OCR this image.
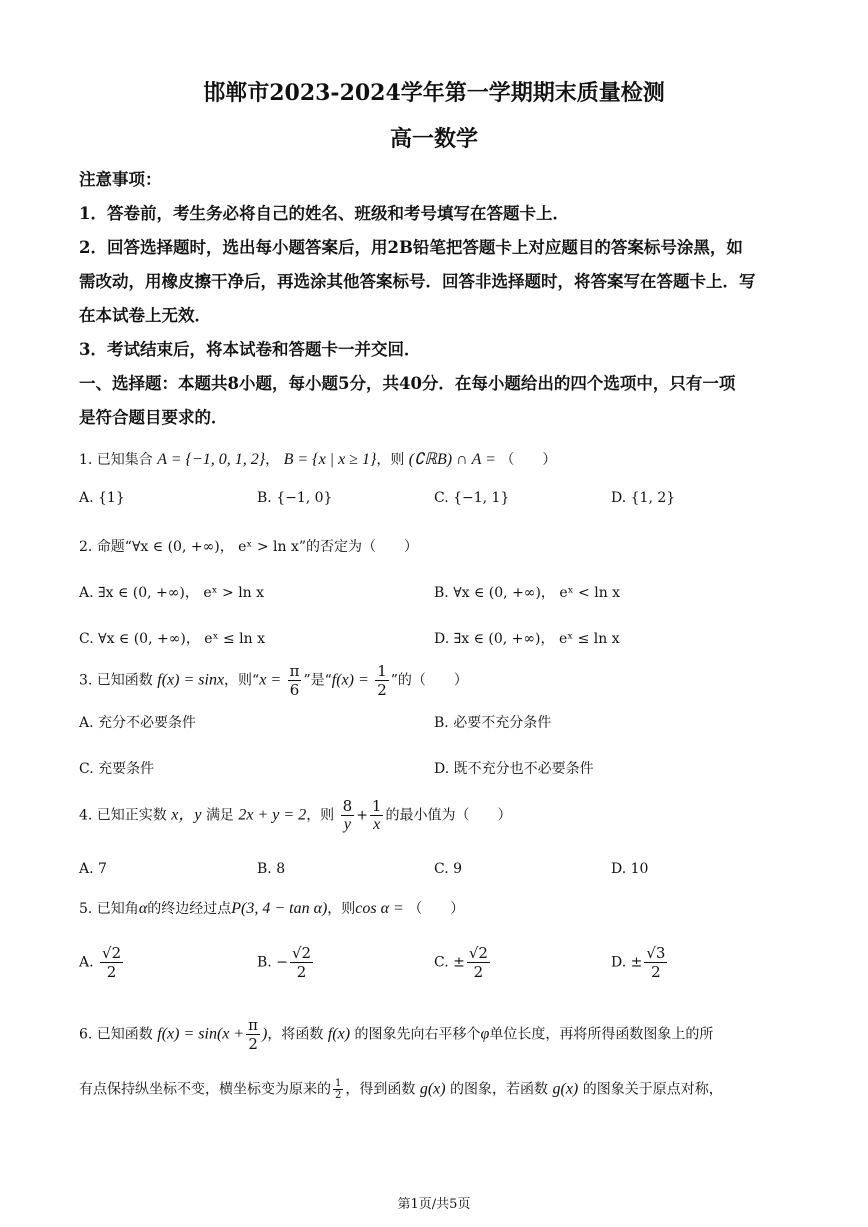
邯郸市2023-2024学年第一学期期末质量检测
高一数学
注意事项：
1．答卷前，考生务必将自己的姓名、班级和考号填写在答题卡上．
2．回答选择题时，选出每小题答案后，用2B铅笔把答题卡上对应题目的答案标号涂黑，如
需改动，用橡皮擦干净后，再选涂其他答案标号．回答非选择题时，将答案写在答题卡上．写
在本试卷上无效．
3．考试结束后，将本试卷和答题卡一并交回．
一、选择题：本题共8小题，每小题5分，共40分．在每小题给出的四个选项中，只有一项
是符合题目要求的．
1. 已知集合 A = {−1, 0, 1, 2}， B = {x | x ≥ 1}，则 (∁ℝB) ∩ A = （　　）
A. {1}	B. {−1, 0}	C. {−1, 1}	D. {1, 2}
2. 命题“∀x ∈ (0, +∞)， eˣ > ln x”的否定为（　　）
A. ∃x ∈ (0, +∞)， eˣ > ln x	B. ∀x ∈ (0, +∞)， eˣ < ln x
C. ∀x ∈ (0, +∞)， eˣ ≤ ln x	D. ∃x ∈ (0, +∞)， eˣ ≤ ln x
3. 已知函数 f(x) = sinx，则“$x = \frac{\pi}{6}$ ”是“$f(x) = \frac{1}{2}$ ”的（　　）
A. 充分不必要条件	B. 必要不充分条件
C. 充要条件	D. 既不充分也不必要条件
4. 已知正实数 x，y 满足 2x + y = 2，则 $\frac{8}{y} + \frac{1}{x}$ 的最小值为（　　）
A. 7	B. 8	C. 9	D. 10
5. 已知角α的终边经过点P(3, 4 − tan α)，则cos α = （　　）
A. $\frac{√2}{2}$	B. − $\frac{√2}{2}$	C. ± $\frac{√2}{2}$	D. ± $\frac{√3}{2}$
6. 已知函数 $f(x) = \sin(x + \frac{\pi}{2}$ )，将函数 f(x) 的图象先向右平移个φ单位长度，再将所得函数图象上的所
有点保持纵坐标不变，横坐标变为原来的 $\frac{1}{2}$ ，得到函数 g(x) 的图象，若函数 g(x) 的图象关于原点对称，
第1页/共5页
